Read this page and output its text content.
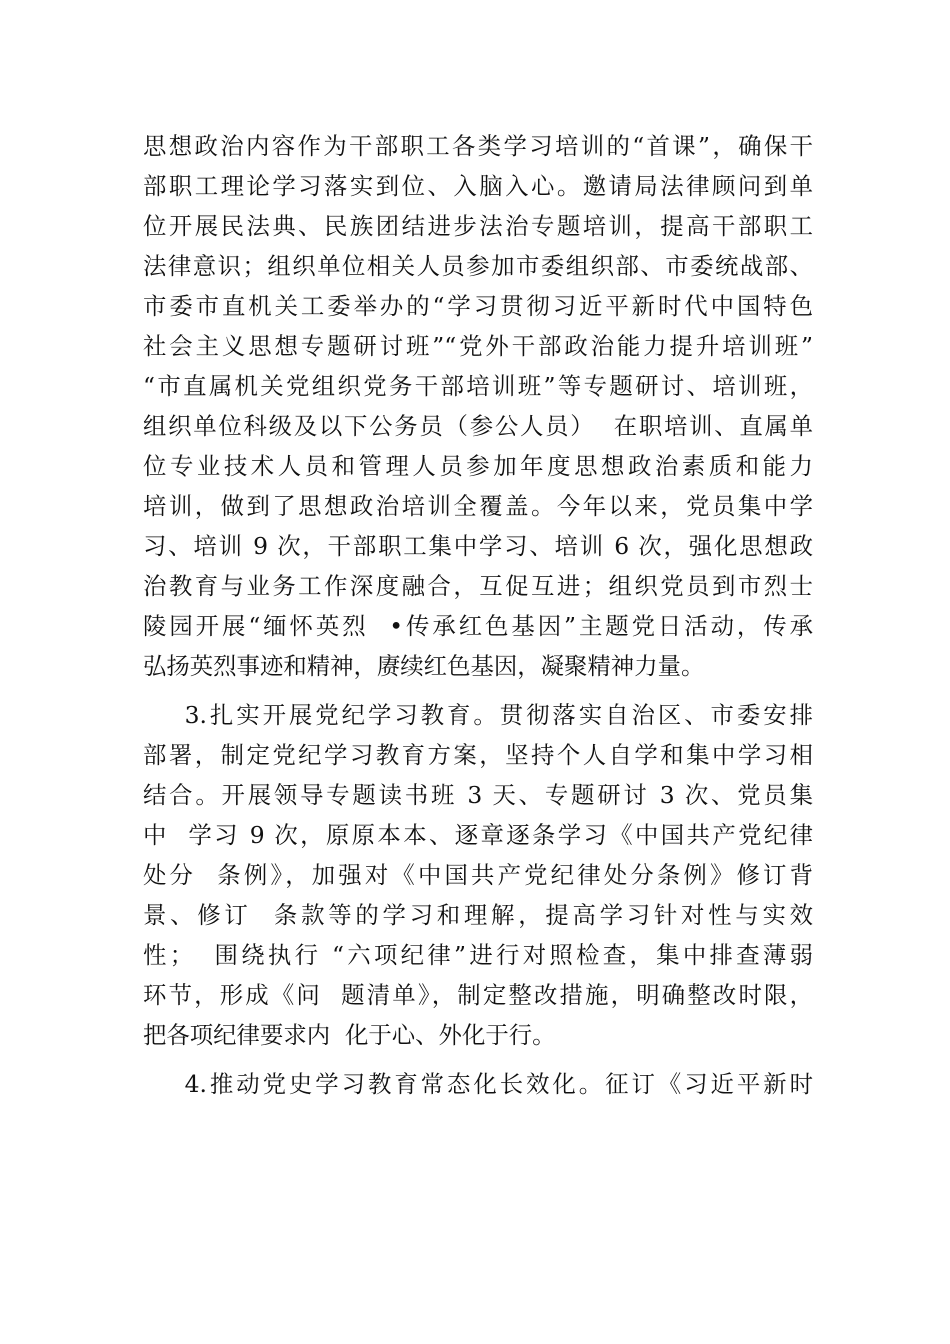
思想政治内容作为干部职工各类学习培训的“首课”，确保干
部职工理论学习落实到位、入脑入心。邀请局法律顾问到单
位开展民法典、民族团结进步法治专题培训，提高干部职工
法律意识；组织单位相关人员参加市委组织部、市委统战部、
市委市直机关工委举办的“学习贯彻习近平新时代中国特色
社会主义思想专题研讨班”“党外干部政治能力提升培训班”
“市直属机关党组织党务干部培训班”等专题研讨、培训班，
组织单位科级及以下公务员（参公人员）  在职培训、直属单
位专业技术人员和管理人员参加年度思想政治素质和能力
培训，做到了思想政治培训全覆盖。今年以来，党员集中学
习、培训 9 次，干部职工集中学习、培训 6 次，强化思想政
治教育与业务工作深度融合，互促互进；组织党员到市烈士
陵园开展“缅怀英烈  •传承红色基因”主题党日活动，传承
弘扬英烈事迹和精神，赓续红色基因，凝聚精神力量。
3.扎实开展党纪学习教育。贯彻落实自治区、市委安排
部署，制定党纪学习教育方案，坚持个人自学和集中学习相
结合。开展领导专题读书班 3 天、专题研讨 3 次、党员集
中  学习 9 次，原原本本、逐章逐条学习《中国共产党纪律
处分  条例》，加强对《中国共产党纪律处分条例》修订背
景、修订  条款等的学习和理解，提高学习针对性与实效
性；  围绕执行 “六项纪律”进行对照检查，集中排查薄弱
环节，形成《问  题清单》，制定整改措施，明确整改时限，
把各项纪律要求内  化于心、外化于行。
4.推动党史学习教育常态化长效化。征订《习近平新时
